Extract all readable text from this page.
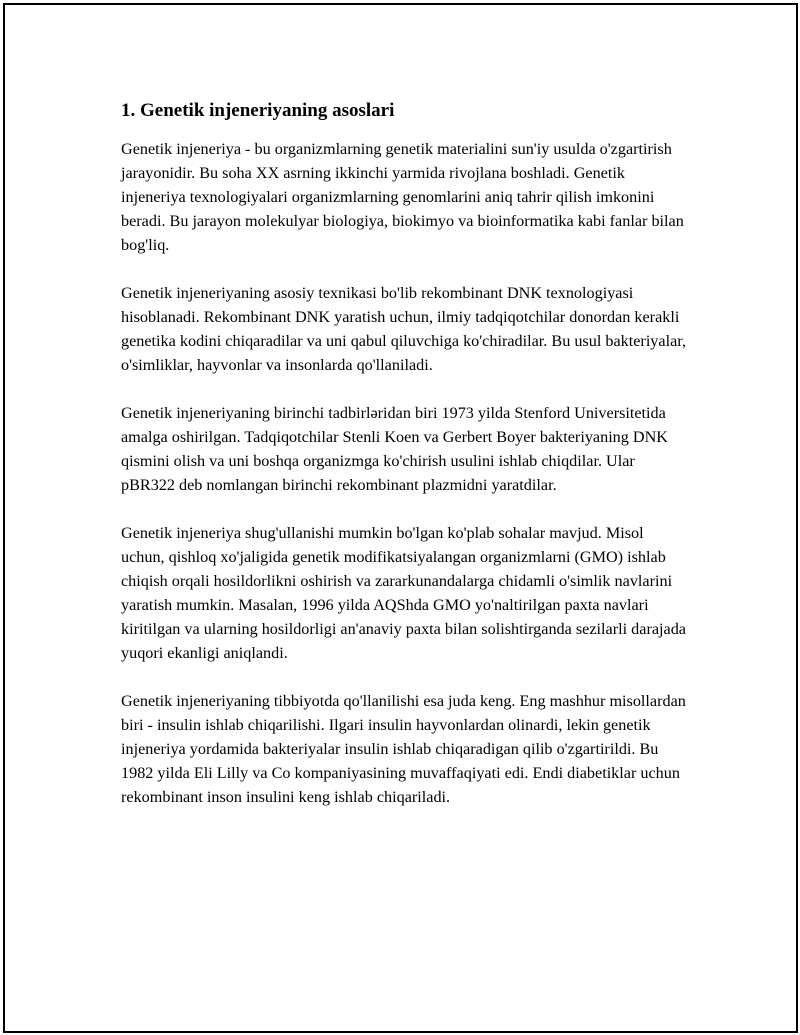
1. Genetik injeneriyaning asoslari

Genetik injeneriya - bu organizmlarning genetik materialini sun'iy usulda o'zgartirish jarayonidir. Bu soha XX asrning ikkinchi yarmida rivojlana boshladi. Genetik injeneriya texnologiyalari organizmlarning genomlarini aniq tahrir qilish imkonini beradi. Bu jarayon molekulyar biologiya, biokimyo va bioinformatika kabi fanlar bilan bog'liq.

Genetik injeneriyaning asosiy texnikasi bo'lib rekombinant DNK texnologiyasi hisoblanadi. Rekombinant DNK yaratish uchun, ilmiy tadqiqotchilar donordan kerakli genetika kodini chiqaradilar va uni qabul qiluvchiga ko'chiradilar. Bu usul bakteriyalar, o'simliklar, hayvonlar va insonlarda qo'llaniladi.

Genetik injeneriyaning birinchi tadbirləridan biri 1973 yilda Stenford Universitetida amalga oshirilgan. Tadqiqotchilar Stenli Koen va Gerbert Boyer bakteriyaning DNK qismini olish va uni boshqa organizmga ko'chirish usulini ishlab chiqdilar. Ular pBR322 deb nomlangan birinchi rekombinant plazmidni yaratdilar.

Genetik injeneriya shug'ullanishi mumkin bo'lgan ko'plab sohalar mavjud. Misol uchun, qishloq xo'jaligida genetik modifikatsiyalangan organizmlarni (GMO) ishlab chiqish orqali hosildorlikni oshirish va zararkunandalarga chidamli o'simlik navlarini yaratish mumkin. Masalan, 1996 yilda AQShda GMO yo'naltirilgan paxta navlari kiritilgan va ularning hosildorligi an'anaviy paxta bilan solishtirganda sezilarli darajada yuqori ekanligi aniqlandi.

Genetik injeneriyaning tibbiyotda qo'llanilishi esa juda keng. Eng mashhur misollardan biri - insulin ishlab chiqarilishi. Ilgari insulin hayvonlardan olinardi, lekin genetik injeneriya yordamida bakteriyalar insulin ishlab chiqaradigan qilib o'zgartirildi. Bu 1982 yilda Eli Lilly va Co kompaniyasining muvaffaqiyati edi. Endi diabetiklar uchun rekombinant inson insulini keng ishlab chiqariladi.
